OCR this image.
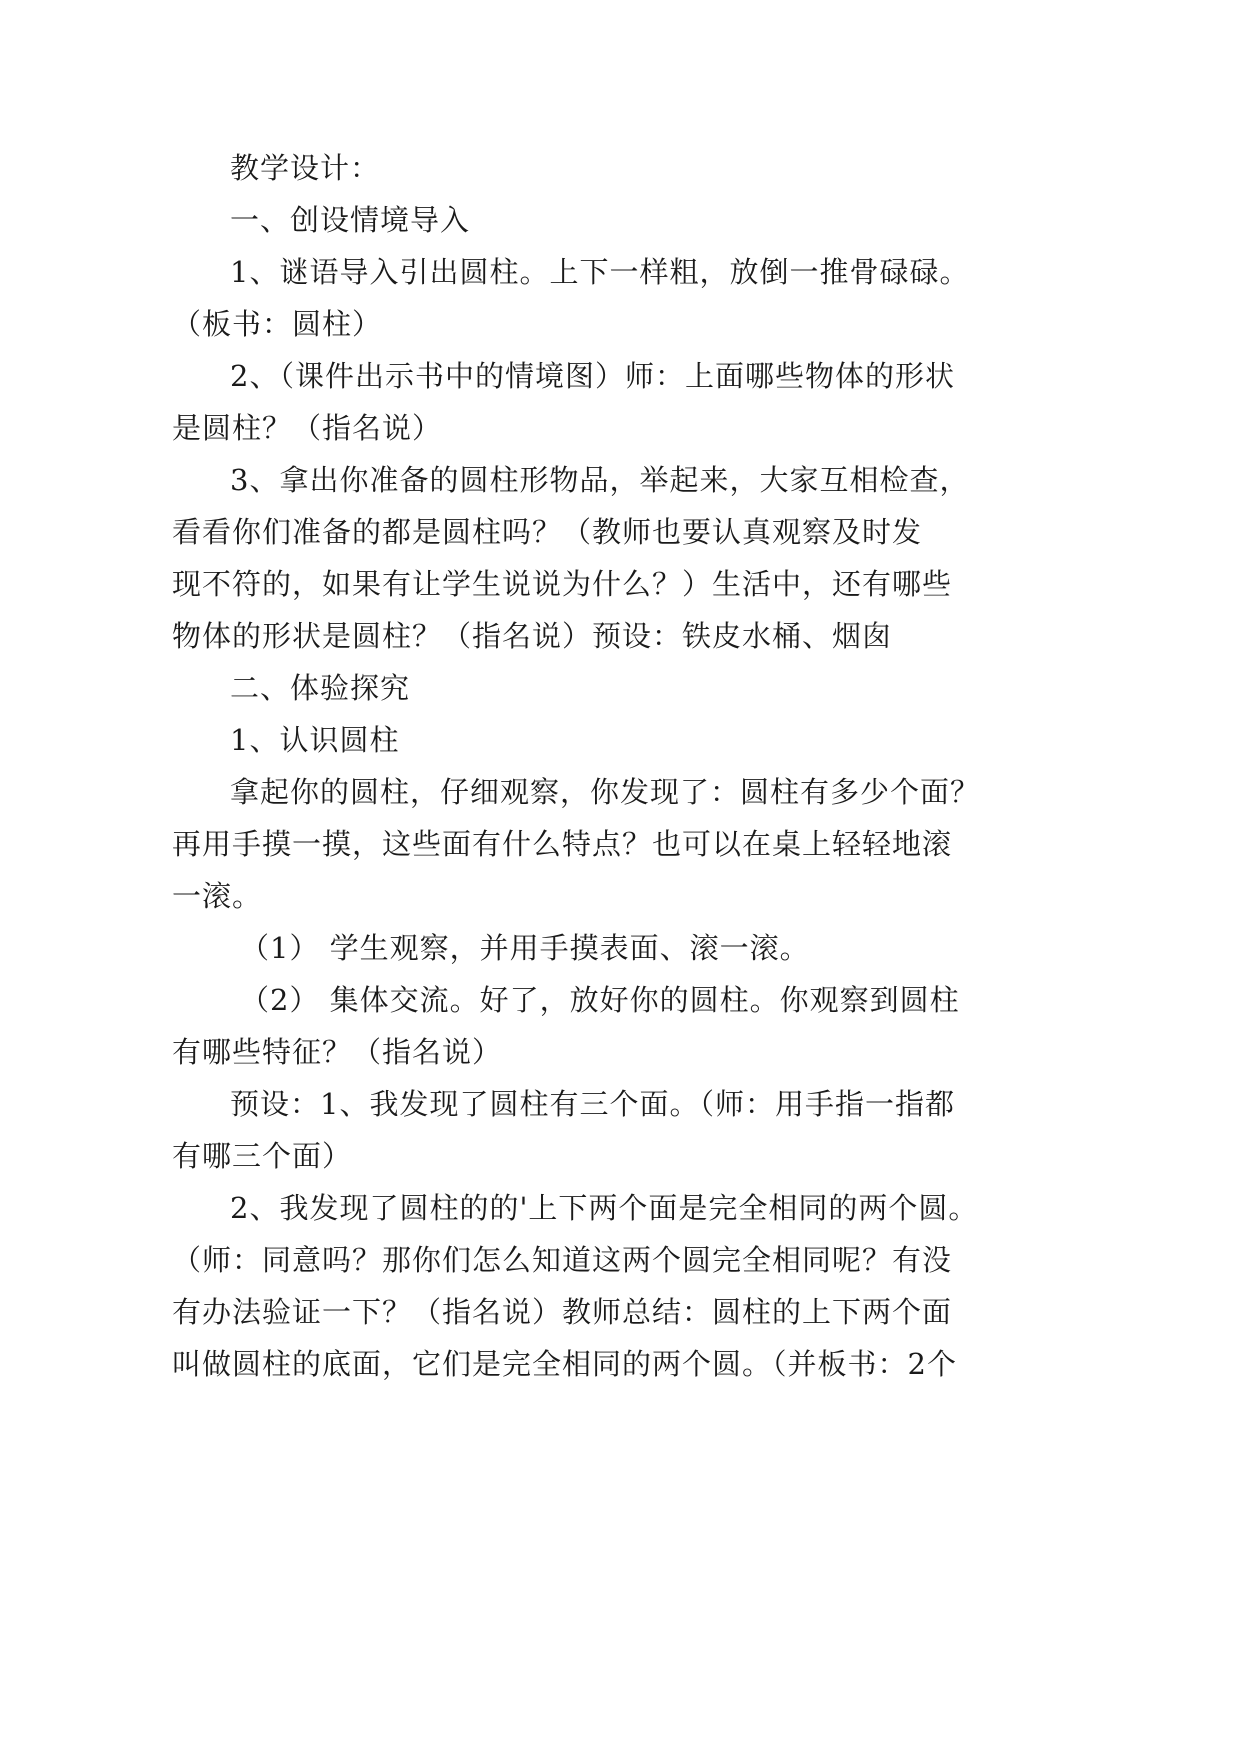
教学设计：
一、创设情境导入
1、谜语导入引出圆柱。上下一样粗，放倒一推骨碌碌。
（板书：圆柱）
2、（课件出示书中的情境图）师：上面哪些物体的形状
是圆柱？（指名说）
3、拿出你准备的圆柱形物品，举起来，大家互相检查，
看看你们准备的都是圆柱吗？（教师也要认真观察及时发
现不符的，如果有让学生说说为什么？）生活中，还有哪些
物体的形状是圆柱？（指名说）预设：铁皮水桶、烟囱
二、体验探究
1、认识圆柱
拿起你的圆柱，仔细观察，你发现了：圆柱有多少个面？
再用手摸一摸，这些面有什么特点？也可以在桌上轻轻地滚
一滚。
（1） 学生观察，并用手摸表面、滚一滚。
（2） 集体交流。好了，放好你的圆柱。你观察到圆柱
有哪些特征？（指名说）
预设：1、我发现了圆柱有三个面。（师：用手指一指都
有哪三个面）
2、我发现了圆柱的的'上下两个面是完全相同的两个圆。
（师：同意吗？那你们怎么知道这两个圆完全相同呢？有没
有办法验证一下？（指名说）教师总结：圆柱的上下两个面
叫做圆柱的底面，它们是完全相同的两个圆。（并板书：2个
